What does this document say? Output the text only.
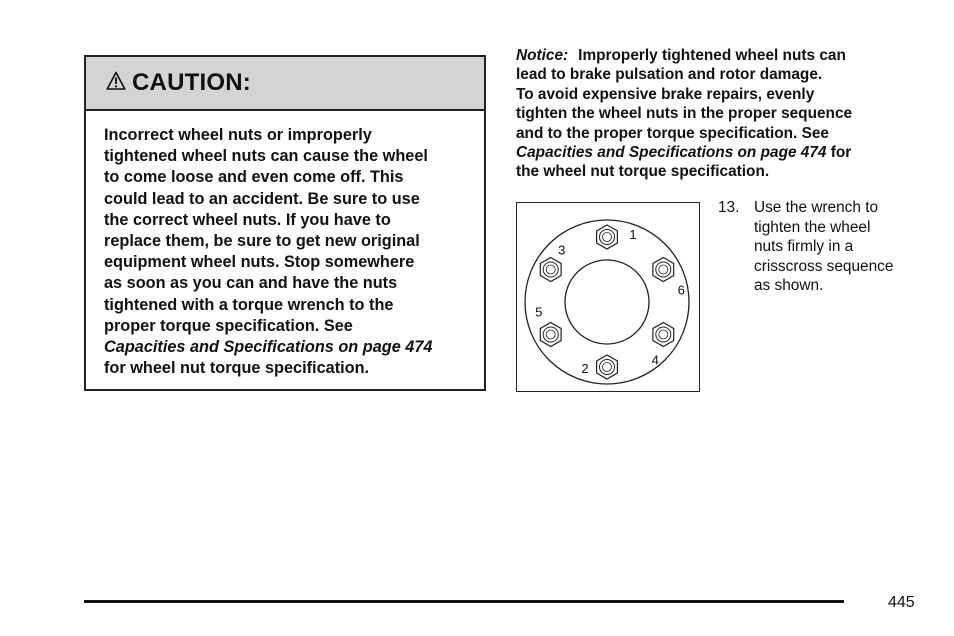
CAUTION:
Incorrect wheel nuts or improperly
tightened wheel nuts can cause the wheel
to come loose and even come off. This
could lead to an accident. Be sure to use
the correct wheel nuts. If you have to
replace them, be sure to get new original
equipment wheel nuts. Stop somewhere
as soon as you can and have the nuts
tightened with a torque wrench to the
proper torque specification. See
Capacities and Specifications on page 474
for wheel nut torque specification.
Notice: Improperly tightened wheel nuts can
lead to brake pulsation and rotor damage.
To avoid expensive brake repairs, evenly
tighten the wheel nuts in the proper sequence
and to the proper torque specification. See
Capacities and Specifications on page 474 for
the wheel nut torque specification.
1
6
4
2
5
3
13. Use the wrench to
tighten the wheel
nuts firmly in a
crisscross sequence
as shown.
445
